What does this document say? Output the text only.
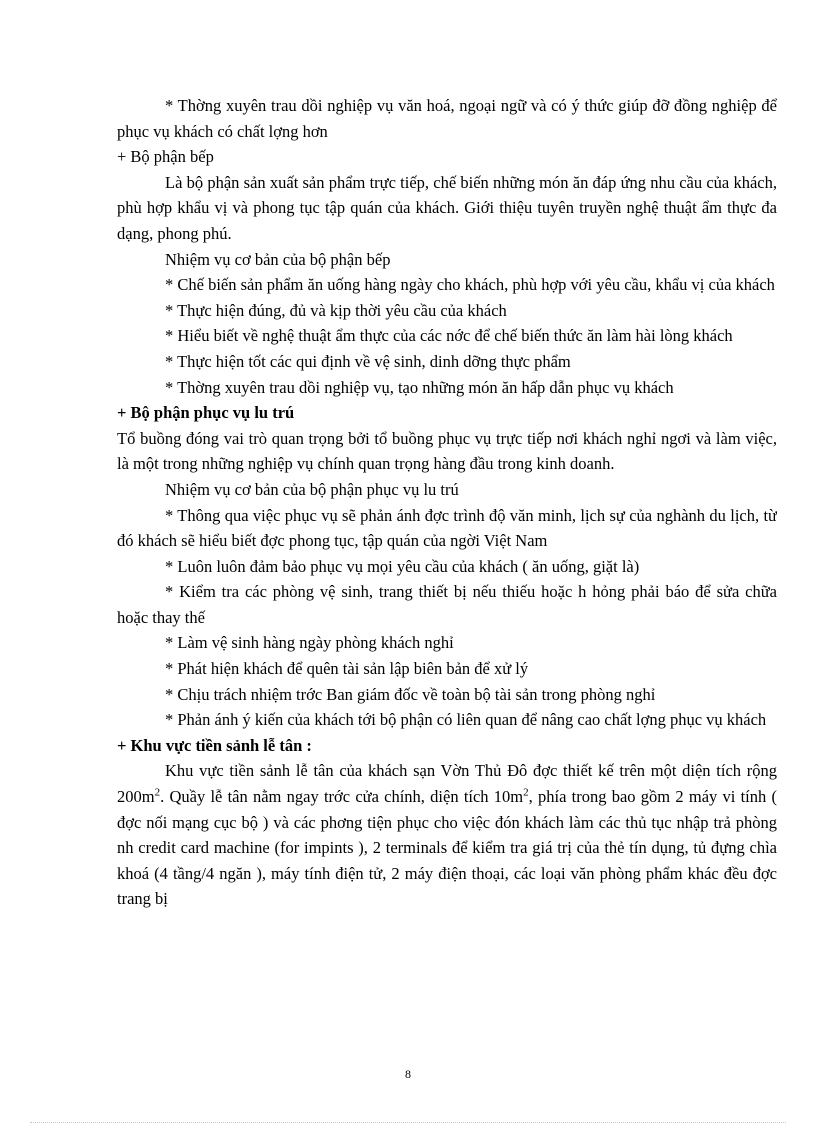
* Thờng xuyên trau dồi nghiệp vụ văn hoá, ngoại ngữ và có ý thức giúp đỡ đồng nghiệp để phục vụ khách có chất lợng hơn

+ Bộ phận bếp

Là bộ phận sản xuất sản phẩm trực tiếp, chế biến những món ăn đáp ứng nhu cầu của khách, phù hợp khẩu vị và phong tục tập quán của khách. Giới thiệu tuyên truyền nghệ thuật ẩm thực đa dạng, phong phú.

Nhiệm vụ cơ bản của bộ phận bếp

* Chế biến sản phẩm ăn uống hàng ngày cho khách, phù hợp với yêu cầu, khẩu vị của khách

* Thực hiện đúng, đủ và kịp thời yêu cầu của khách

* Hiểu biết về nghệ thuật ẩm thực của các nớc để chế biến thức ăn làm hài lòng khách

* Thực hiện tốt các qui định về vệ sinh, dinh dỡng thực phẩm

* Thờng xuyên trau dồi nghiệp vụ, tạo những món ăn hấp dẫn phục vụ khách

+ Bộ phận phục vụ lu trú

Tổ buồng đóng vai trò quan trọng bởi tổ buồng phục vụ trực tiếp nơi khách nghỉ ngơi và làm việc, là một trong những nghiệp vụ chính quan trọng hàng đầu trong kinh doanh.

Nhiệm vụ cơ bản của bộ phận phục vụ lu trú

* Thông qua việc phục vụ sẽ phản ánh đợc trình độ văn minh, lịch sự của nghành du lịch, từ đó khách sẽ hiểu biết đợc phong tục, tập quán của ngời Việt Nam

* Luôn luôn đảm bảo phục vụ mọi yêu cầu của khách ( ăn uống, giặt là)

* Kiểm tra các phòng vệ sinh, trang thiết bị nếu thiếu hoặc h hỏng phải báo để sửa chữa hoặc thay thế

* Làm vệ sinh hàng ngày phòng khách nghỉ

* Phát hiện khách để quên tài sản lập biên bản để xử lý

* Chịu trách nhiệm trớc Ban giám đốc về toàn bộ tài sản trong phòng nghỉ

* Phản ánh ý kiến của khách tới bộ phận có liên quan để nâng cao chất lợng phục vụ khách

+ Khu vực tiền sảnh lễ tân :

Khu vực tiền sảnh lễ tân của khách sạn Vờn Thủ Đô đợc thiết kế trên một diện tích rộng $200m^2$. Quầy lễ tân nằm ngay trớc cửa chính, diện tích $10m^2$, phía trong bao gồm 2 máy vi tính ( đợc nối mạng cục bộ ) và các phơng tiện phục cho việc đón khách làm các thủ tục nhập trả phòng nh credit card machine (for impints ), 2 terminals để kiểm tra giá trị của thẻ tín dụng, tủ đựng chìa khoá (4 tầng/4 ngăn ), máy tính điện tử, 2 máy điện thoại, các loại văn phòng phẩm khác đều đợc trang bị

8
